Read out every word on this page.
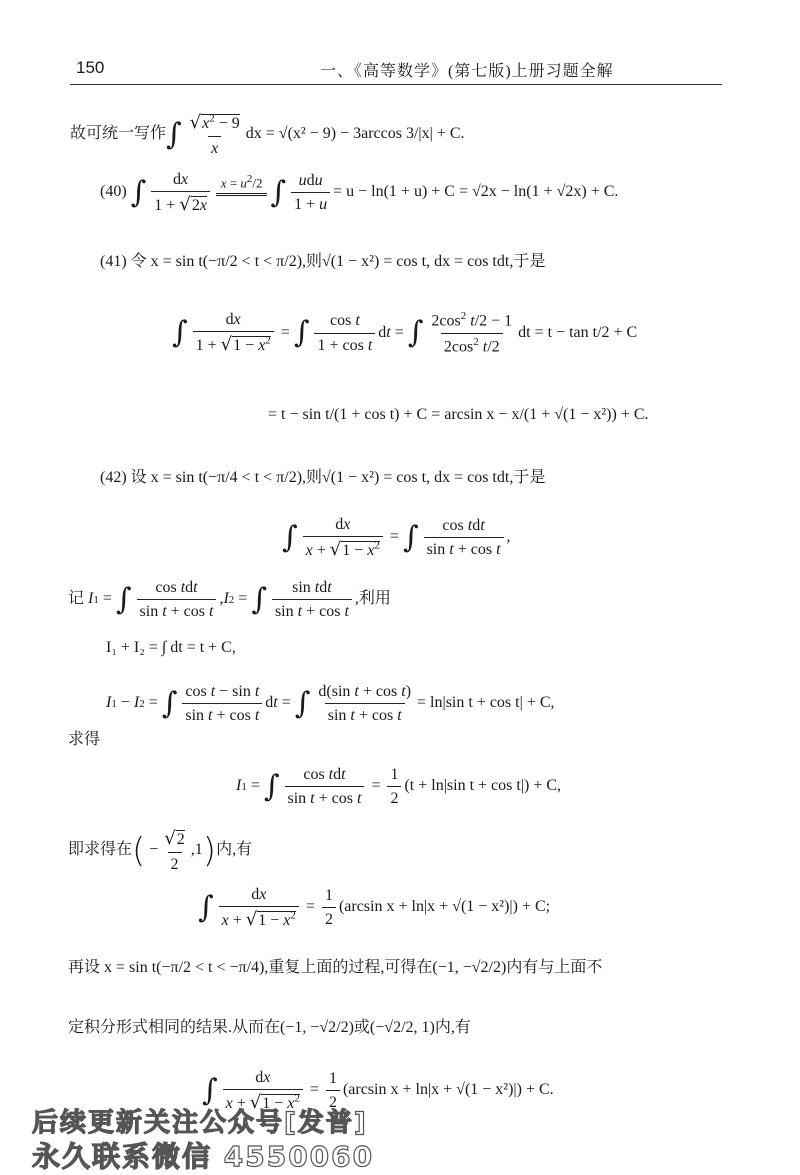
150	一、《高等数学》(第七版)上册习题全解
故可统一写作 ∫ $\frac{√x^2 - 9}{x}$ dx = √(x² − 9) − 3arccos 3/|x| + C.
(40)
∫ $\frac{dx}{1 + √2x}$ $x = u^2/2$
∫ $\frac{\text{udu}}{1 + u} = u - \ln(1 + u) + C = √2x - \ln(1 + √2x) + C$.
(41) 令 x = sin t(−π/2 < t < π/2),则√(1 − x²) = cos t, dx = cos tdt,于是
∫ $\frac{dx}{1 + √1 - x^2}$ = ∫ $\frac{\text{cos t}}{\text{1 + cos t}}$ d t = ∫ $\frac{2\cos^2 t/2 - 1}{2\cos^2 t/2}$ dt = t − tan t/2 + C
= t − sin t/(1 + cos t) + C = arcsin x − x/(1 + √(1 − x²)) + C.
(42) 设 x = sin t(−π/4 < t < π/2),则√(1 − x²) = cos t, dx = cos tdt,于是
∫ $\frac{dx}{x + √1 - x^2}$ = ∫ $\frac{\text{cos tdt}}{\text{sin t + cos t}}$ ,
记
I 1 = ∫ $\frac{\text{cos tdt}}{\text{sin t + cos t}}$ , I 2 = ∫ $\frac{\text{sin tdt}}{\text{sin t + cos t}}$ ,利用
I₁ + I₂ = ∫ dt = t + C,
I 1 − I 2 = ∫ $\frac{\text{cos t − sin t}}{\text{sin t + cos t}}$ d t = ∫ $\frac{\text{d(sin t + cos t)}}{\text{sin t + cos t}} = \ln|\sin$ t + cos t| + C,
求得
I 1 = ∫ $\frac{\text{cos tdt}}{\text{sin t + cos t}} = \frac{1}{2} (t + \ln|\sin$ t + cos t|) + C,
即求得在 ( − $\frac{√2}{2} ,1$ ) 内,有
∫ $\frac{dx}{x + √1 - x^2} = \frac{1}{2} (\arcsin$ x + ln|x + √(1 − x²)|) + C;
再设 x = sin t(−π/2 < t < −π/4),重复上面的过程,可得在(−1, −√2/2)内有与上面不
定积分形式相同的结果.从而在(−1, −√2/2)或(−√2/2, 1)内,有
∫ $\frac{dx}{x + √1 - x^2} = \frac{1}{2} (\arcsin$ x + ln|x + √(1 − x²)|) + C.
后续更新关注公众号[发普]
永久联系微信 4550060
